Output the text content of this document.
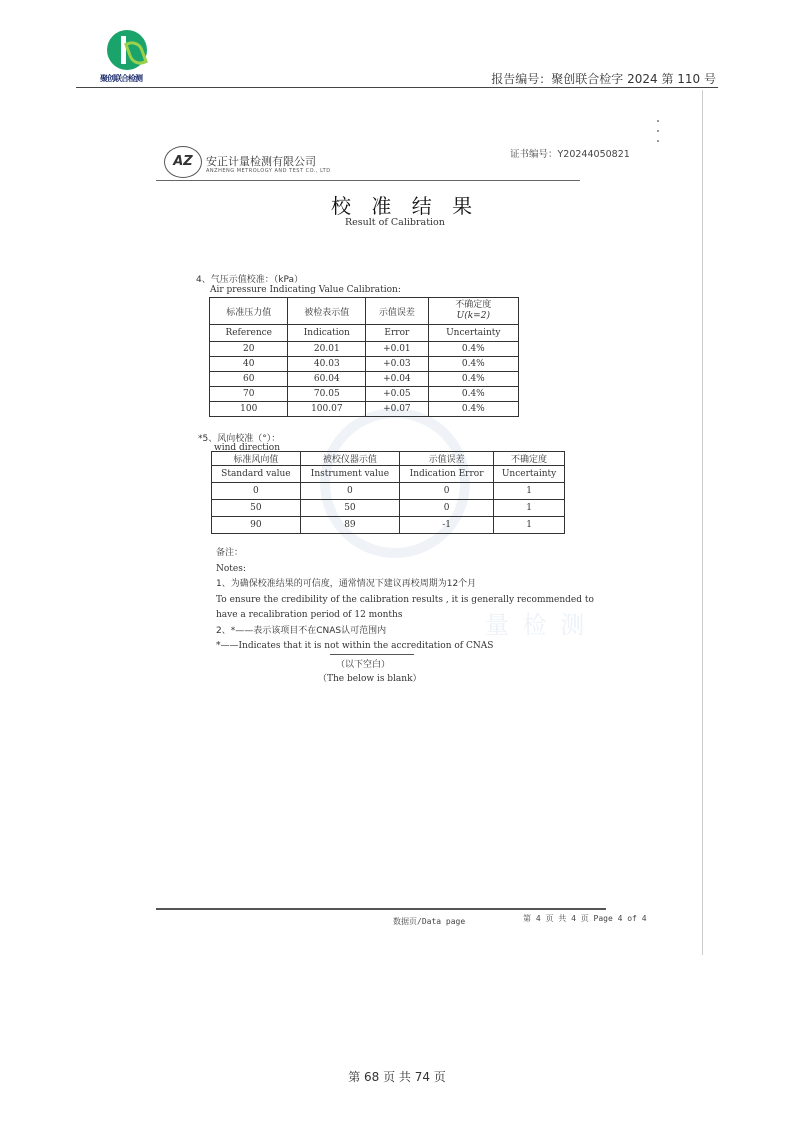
聚创联合检测	报告编号：聚创联合检字 2024 第 110 号
AZ	安正计量检测有限公司
ANZHENG METROLOGY AND TEST CO., LTD
证书编号：Y20244050821
校 准 结 果
Result of Calibration
量 检 测
4、气压示值校准：（kPa）
Air pressure Indicating Value Calibration:
标准压力值	被检表示值	示值误差	不确定度
U(k=2)

Reference	Indication	Error	Uncertainty
20	20.01	+0.01	0.4%
40	40.03	+0.03	0.4%
60	60.04	+0.04	0.4%
70	70.05	+0.05	0.4%
100	100.07	+0.07	0.4%
*5、风向校准（°）：
wind direction
标准风向值	被校仪器示值	示值误差	不确定度
Standard value	Instrument value	Indication Error	Uncertainty
0	0	0	1
50	50	0	1
90	89	-1	1
备注：
Notes:
1、为确保校准结果的可信度，通常情况下建议再校周期为12个月
To ensure the credibility of the calibration results , it is generally recommended to
have a recalibration period of 12 months
2、*——表示该项目不在CNAS认可范围内
*——Indicates that it is not within the accreditation of CNAS
（以下空白）
（The below is blank）
数据页/Data page	第 4 页 共 4 页 Page 4 of 4
第 68 页 共 74 页
